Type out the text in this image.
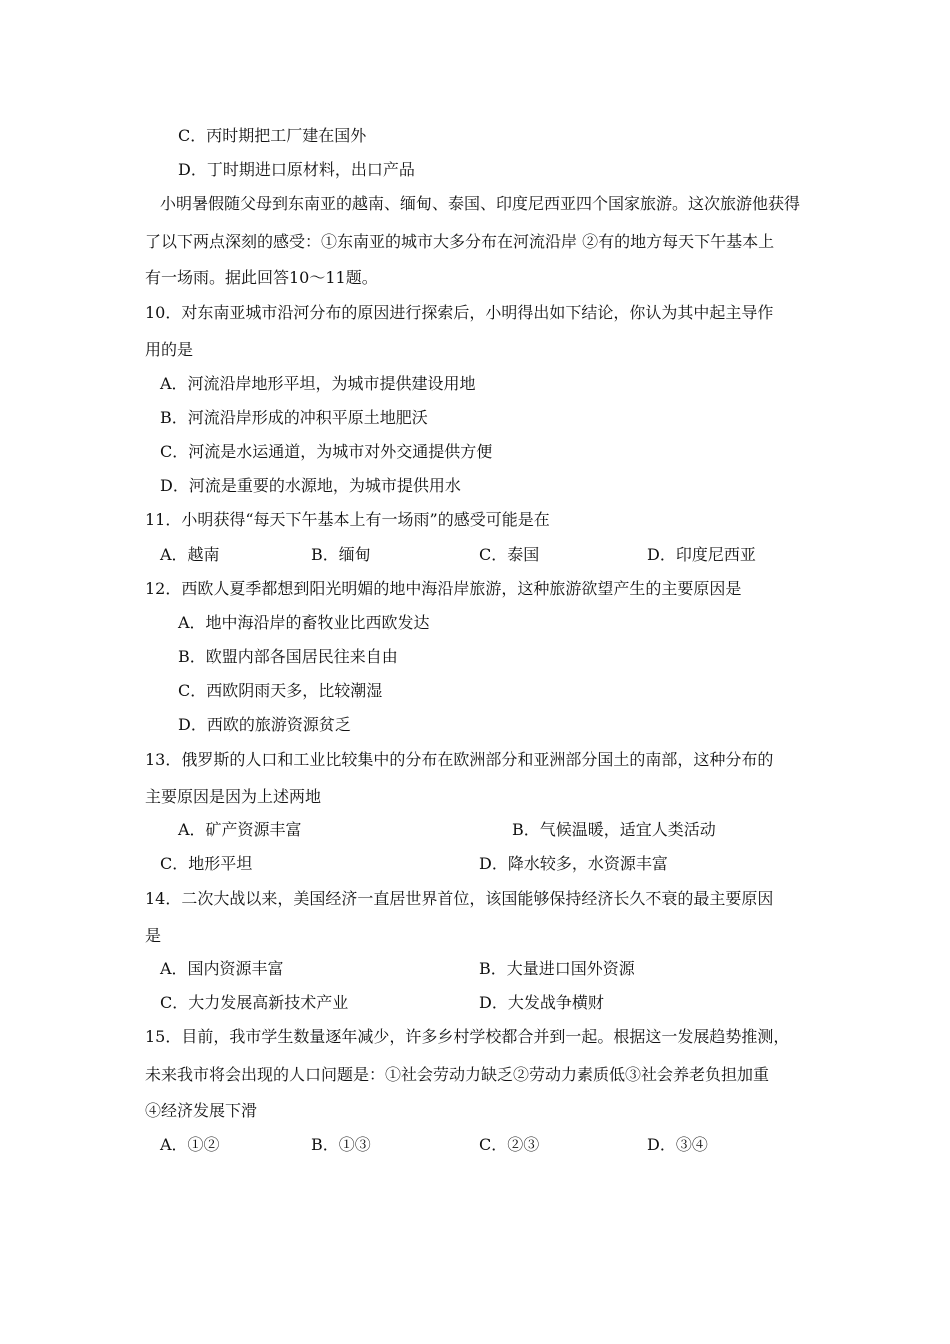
C．丙时期把工厂建在国外
D．丁时期进口原材料，出口产品
小明暑假随父母到东南亚的越南、缅甸、泰国、印度尼西亚四个国家旅游。这次旅游他获得
了以下两点深刻的感受：①东南亚的城市大多分布在河流沿岸 ②有的地方每天下午基本上
有一场雨。据此回答10～11题。
10．对东南亚城市沿河分布的原因进行探索后，小明得出如下结论，你认为其中起主导作
用的是
A．河流沿岸地形平坦，为城市提供建设用地
B．河流沿岸形成的冲积平原土地肥沃
C．河流是水运通道，为城市对外交通提供方便
D．河流是重要的水源地，为城市提供用水
11．小明获得“每天下午基本上有一场雨”的感受可能是在
A．越南	B．缅甸	C．泰国	D．印度尼西亚
12．西欧人夏季都想到阳光明媚的地中海沿岸旅游，这种旅游欲望产生的主要原因是
A．地中海沿岸的畜牧业比西欧发达
B．欧盟内部各国居民往来自由
C．西欧阴雨天多，比较潮湿
D．西欧的旅游资源贫乏
13．俄罗斯的人口和工业比较集中的分布在欧洲部分和亚洲部分国土的南部，这种分布的
主要原因是因为上述两地
A．矿产资源丰富	B．气候温暖，适宜人类活动
C．地形平坦	D．降水较多，水资源丰富
14．二次大战以来，美国经济一直居世界首位，该国能够保持经济长久不衰的最主要原因
是
A．国内资源丰富	B．大量进口国外资源
C．大力发展高新技术产业	D．大发战争横财
15．目前，我市学生数量逐年减少，许多乡村学校都合并到一起。根据这一发展趋势推测，
未来我市将会出现的人口问题是：①社会劳动力缺乏②劳动力素质低③社会养老负担加重
④经济发展下滑
A．①②	B．①③	C．②③	D．③④
